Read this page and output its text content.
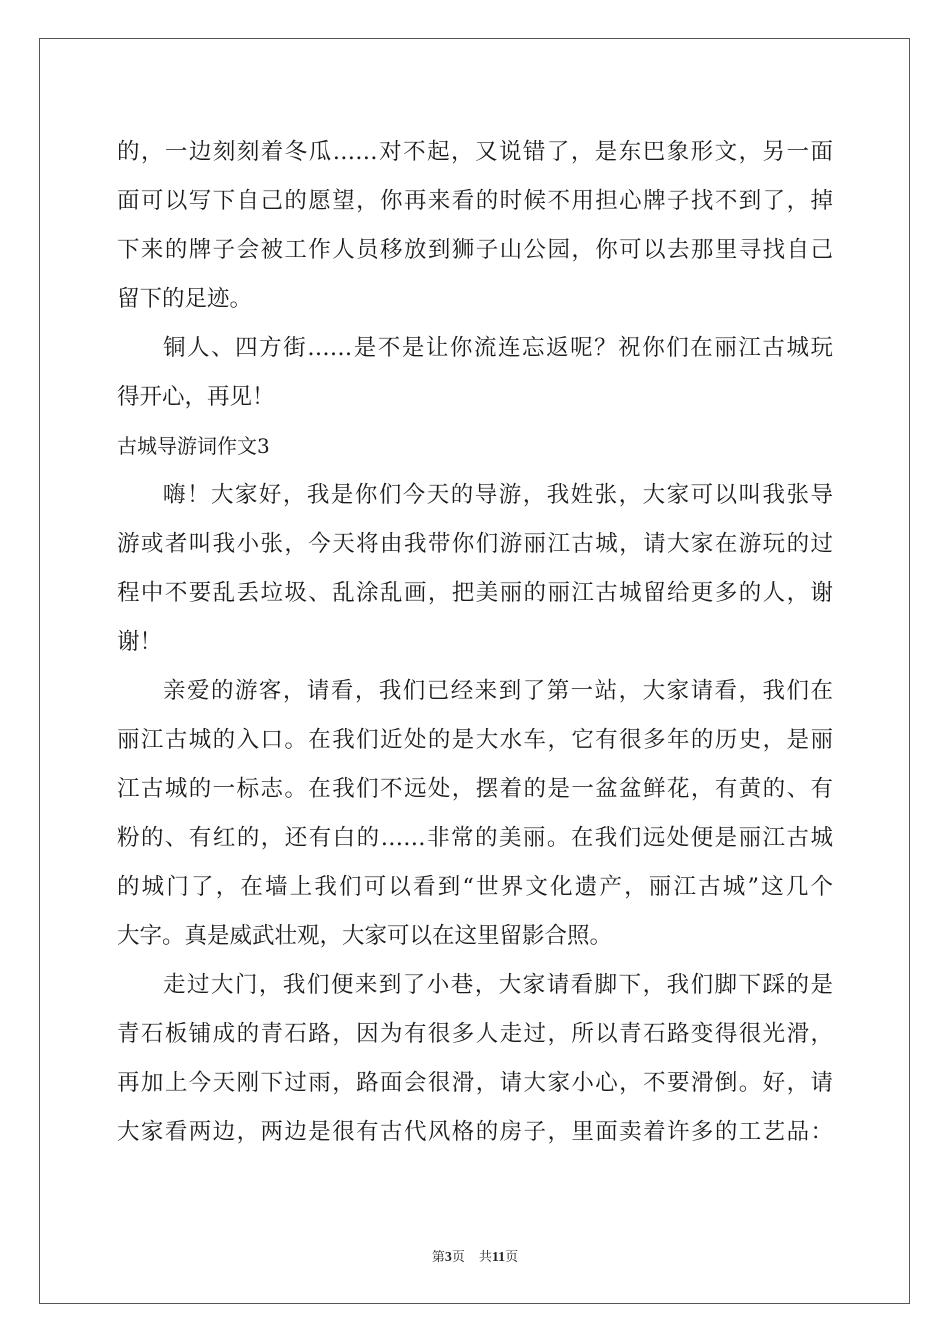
的，一边刻刻着冬瓜……对不起，又说错了，是东巴象形文，另一面
面可以写下自己的愿望，你再来看的时候不用担心牌子找不到了，掉
下来的牌子会被工作人员移放到狮子山公园，你可以去那里寻找自己
留下的足迹。
铜人、四方街……是不是让你流连忘返呢？祝你们在丽江古城玩
得开心，再见！
古城导游词作文3
嗨！大家好，我是你们今天的导游，我姓张，大家可以叫我张导
游或者叫我小张，今天将由我带你们游丽江古城，请大家在游玩的过
程中不要乱丢垃圾、乱涂乱画，把美丽的丽江古城留给更多的人，谢
谢！
亲爱的游客，请看，我们已经来到了第一站，大家请看，我们在
丽江古城的入口。在我们近处的是大水车，它有很多年的历史，是丽
江古城的一标志。在我们不远处，摆着的是一盆盆鲜花，有黄的、有
粉的、有红的，还有白的……非常的美丽。在我们远处便是丽江古城
的城门了，在墙上我们可以看到“世界文化遗产，丽江古城”这几个
大字。真是威武壮观，大家可以在这里留影合照。
走过大门，我们便来到了小巷，大家请看脚下，我们脚下踩的是
青石板铺成的青石路，因为有很多人走过，所以青石路变得很光滑，
再加上今天刚下过雨，路面会很滑，请大家小心，不要滑倒。好，请
大家看两边，两边是很有古代风格的房子，里面卖着许多的工艺品：
第3页 共11页
